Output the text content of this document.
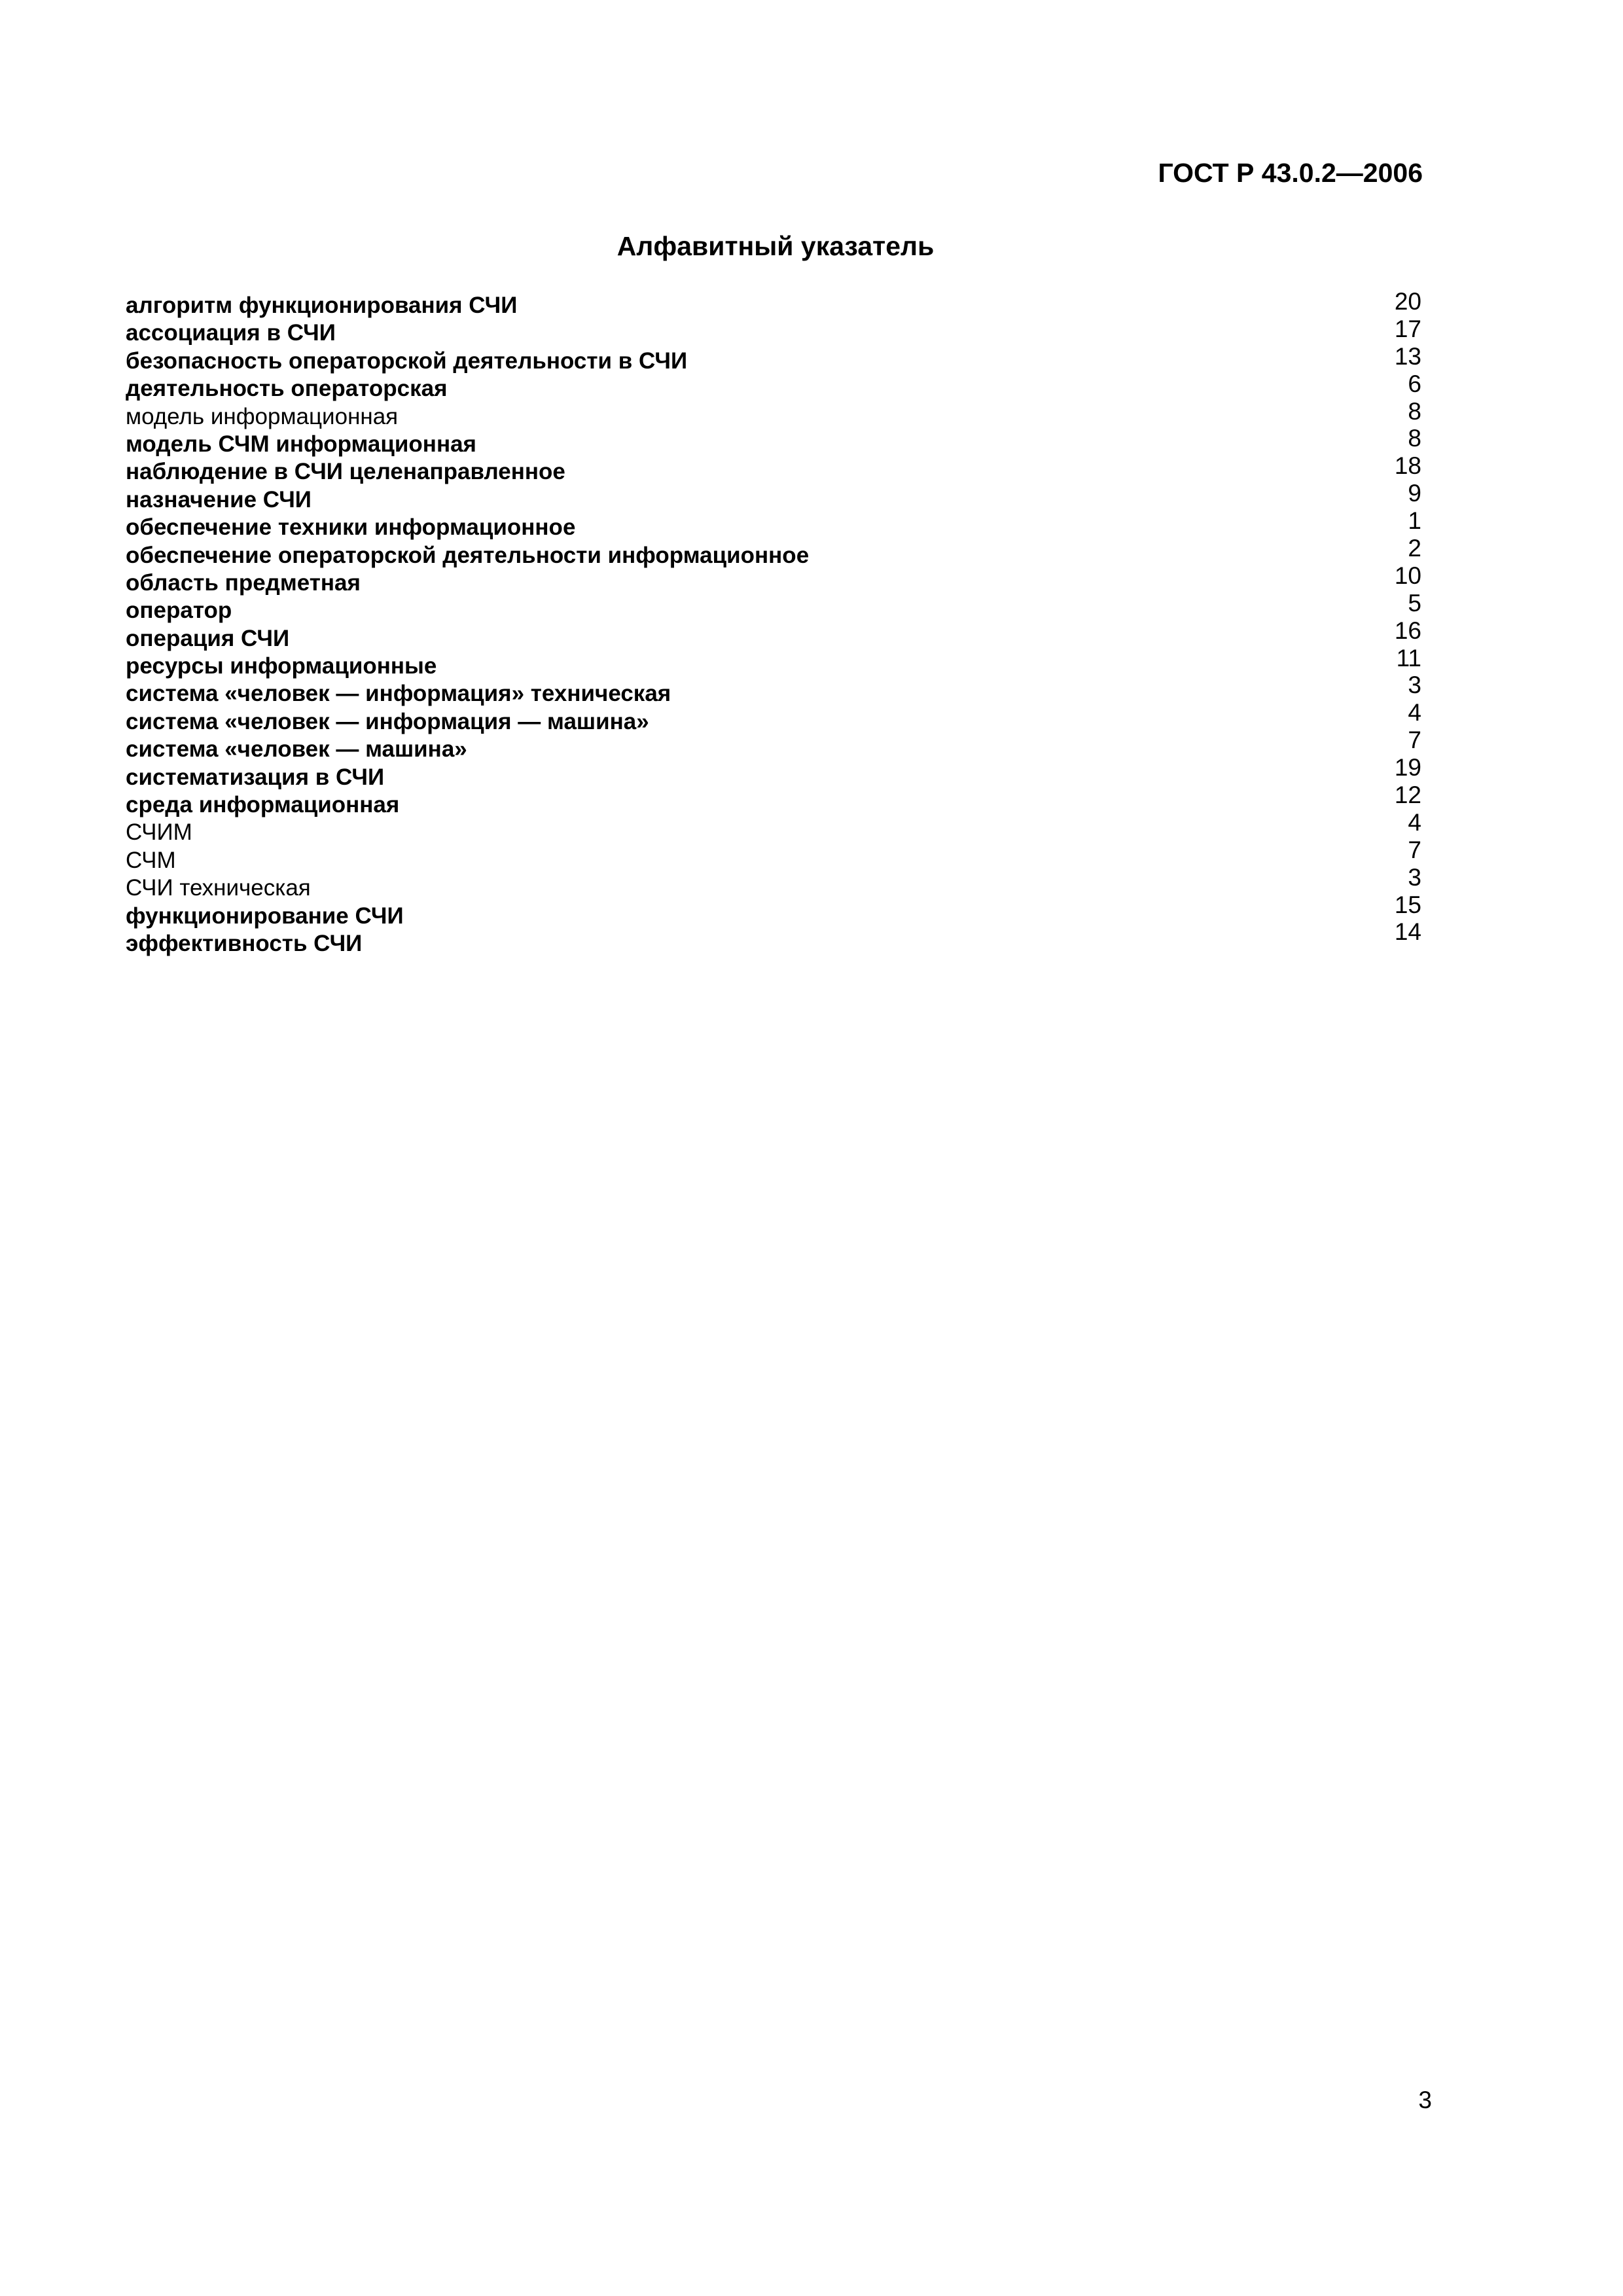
ГОСТ Р 43.0.2—2006
Алфавитный указатель
алгоритм функционирования СЧИ
ассоциация в СЧИ
безопасность операторской деятельности в СЧИ
деятельность операторская
модель информационная
модель СЧМ информационная
наблюдение в СЧИ целенаправленное
назначение СЧИ
обеспечение техники информационное
обеспечение операторской деятельности информационное
область предметная
оператор
операция СЧИ
ресурсы информационные
система «человек — информация» техническая
система «человек — информация — машина»
система «человек — машина»
систематизация в СЧИ
среда информационная
СЧИМ
СЧМ
СЧИ техническая
функционирование СЧИ
эффективность СЧИ
20
17
13
6
8
8
18
9
1
2
10
5
16
11
3
4
7
19
12
4
7
3
15
14
3
